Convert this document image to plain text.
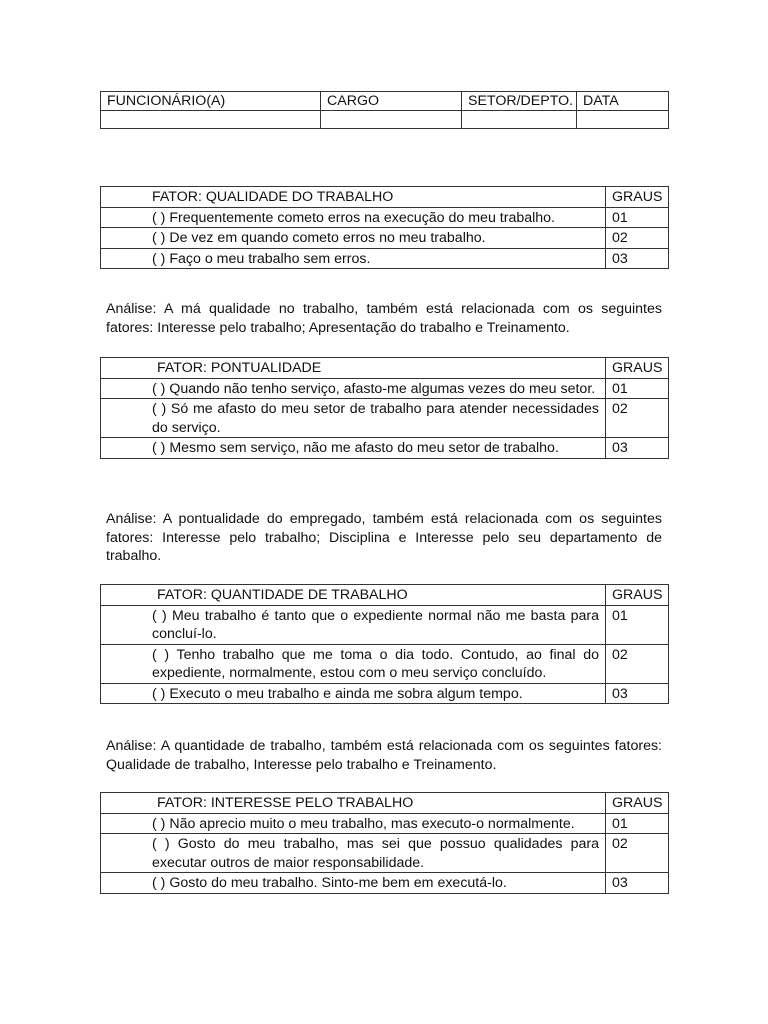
FUNCIONÁRIO(A)	CARGO	SETOR/DEPTO.	DATA

FATOR: QUALIDADE DO TRABALHO	GRAUS
( ) Frequentemente cometo erros na execução do meu trabalho.	01
( ) De vez em quando cometo erros no meu trabalho.	02
( ) Faço o meu trabalho sem erros.	03

Análise: A má qualidade no trabalho, também está relacionada com os seguintes fatores: Interesse pelo trabalho; Apresentação do trabalho e Treinamento.

FATOR: PONTUALIDADE	GRAUS
( ) Quando não tenho serviço, afasto-me algumas vezes do meu setor.	01
( ) Só me afasto do meu setor de trabalho para atender necessidades do serviço.	02
( ) Mesmo sem serviço, não me afasto do meu setor de trabalho.	03

Análise: A pontualidade do empregado, também está relacionada com os seguintes fatores: Interesse pelo trabalho; Disciplina e Interesse pelo seu departamento de trabalho.

FATOR: QUANTIDADE DE TRABALHO	GRAUS
( ) Meu trabalho é tanto que o expediente normal não me basta para concluí-lo.	01
( ) Tenho trabalho que me toma o dia todo. Contudo, ao final do expediente, normalmente, estou com o meu serviço concluído.	02
( ) Executo o meu trabalho e ainda me sobra algum tempo.	03

Análise: A quantidade de trabalho, também está relacionada com os seguintes fatores: Qualidade de trabalho, Interesse pelo trabalho e Treinamento.

FATOR: INTERESSE PELO TRABALHO	GRAUS
( ) Não aprecio muito o meu trabalho, mas executo-o normalmente.	01
( ) Gosto do meu trabalho, mas sei que possuo qualidades para executar outros de maior responsabilidade.	02
( ) Gosto do meu trabalho. Sinto-me bem em executá-lo.	03
